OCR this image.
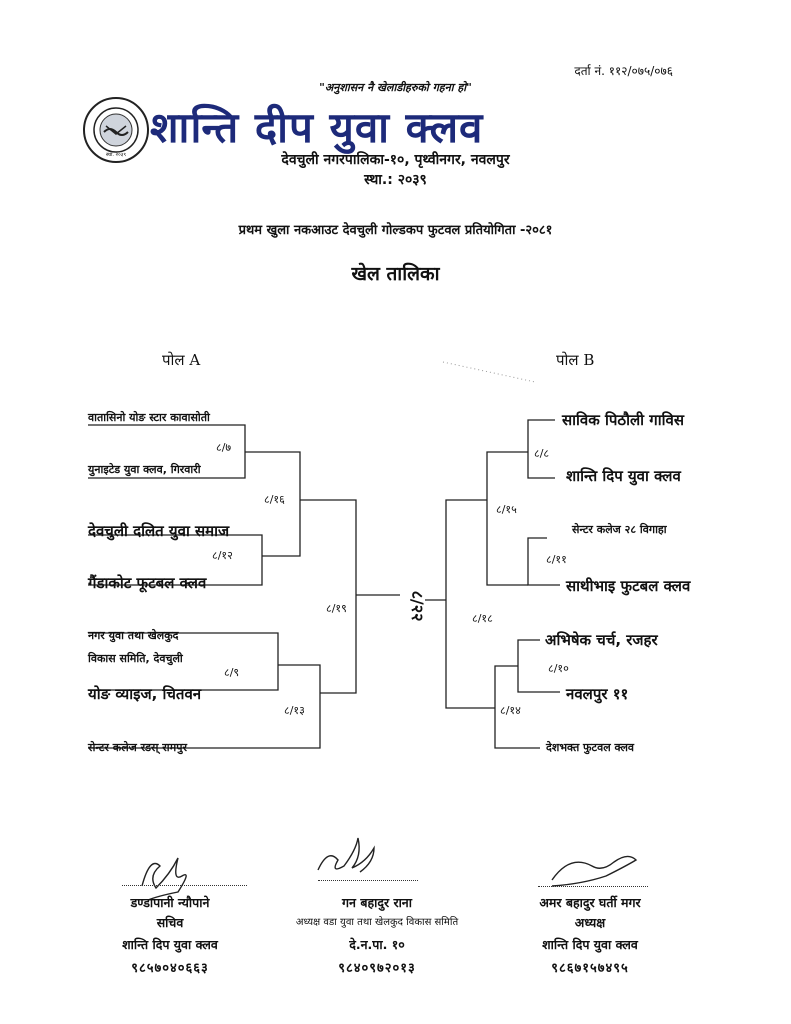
दर्ता नं. ११२/०७५/०७६
"अनुशासन नै खेलाडीहरुको गहना हो"
स्था. २०३९
शान्ति दीप युवा क्लव
देवचुली नगरपालिका-१०, पृथ्वीनगर, नवलपुर
स्था.: २०३९
प्रथम खुला नकआउट देवचुली गोल्डकप फुटवल प्रतियोगिता -२०८१
खेल तालिका
पोल A	पोल B
वातासिनो योङ स्टार कावासोती
युनाइटेड युवा क्लव, गिरवारी
देवचुली दलित युवा समाज
गैंडाकोट फूटबल क्लव
नगर युवा तथा खेलकुद
विकास समिति, देवचुली
योङ व्याइज, चितवन
सेन्टर कलेज रडस् रामपुर
८/७
८/१६
८/१२
८/९
८/१३
८/१९	८/२२
साविक पिठौली गाविस
शान्ति दिप युवा क्लव
सेन्टर कलेज २८ विगाहा
साथीभाइ फुटबल क्लव
अभिषेक चर्च, रजहर
नवलपुर ११
देशभक्त फुटवल क्लव
८/८
८/१५
८/११
८/१८
८/१०
८/१४
डण्डापानी न्यौपाने
सचिव
शान्ति दिप युवा क्लव
९८५७०४०६६३
गन बहादुर राना
अध्यक्ष वडा युवा तथा खेलकुद विकास समिति
दे.न.पा. १०
९८४०९७२०१३
अमर बहादुर घर्ती मगर
अध्यक्ष
शान्ति दिप युवा क्लव
९८६७१५७४९५
